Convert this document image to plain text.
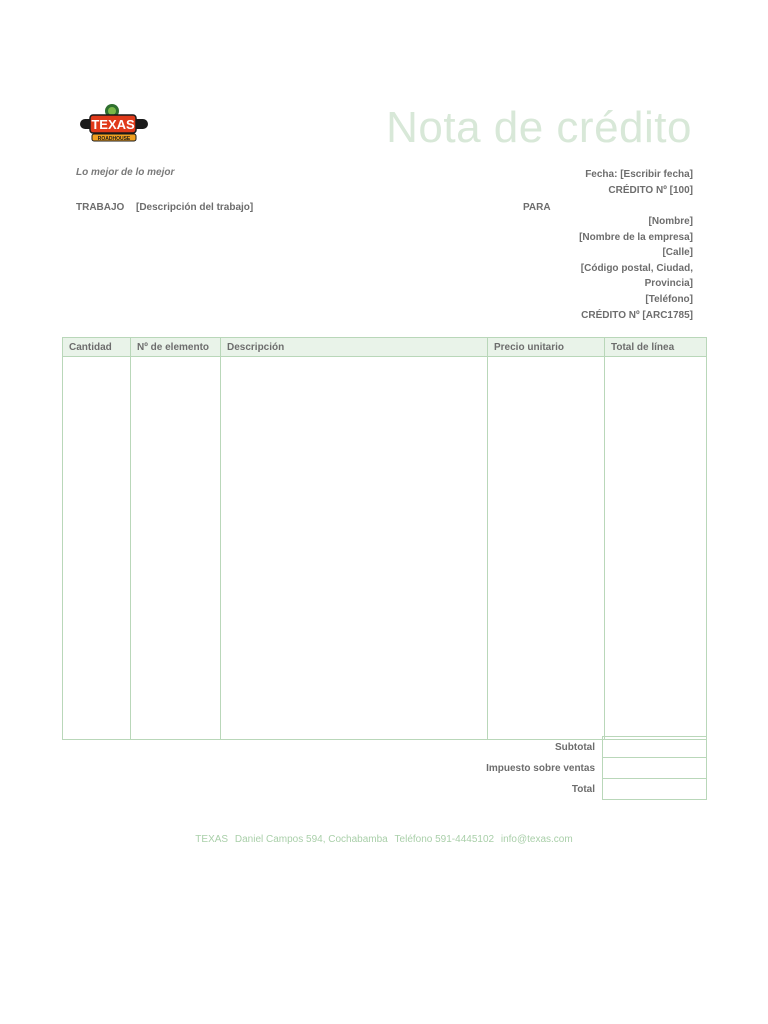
TEXAS
ROADHOUSE	Nota de crédito
Lo mejor de lo mejor	Fecha: [Escribir fecha]
CRÉDITO Nº [100]
TRABAJO [Descripción del trabajo]	PARA
[Nombre]
[Nombre de la empresa]
[Calle]
[Código postal, Ciudad,
Provincia]
[Teléfono]
CRÉDITO Nº [ARC1785]
Cantidad	Nº de elemento	Descripción	Precio unitario	Total de línea

Subtotal
Impuesto sobre ventas
Total
TEXAS Daniel Campos 594, Cochabamba Teléfono 591-4445102 info@texas.com
